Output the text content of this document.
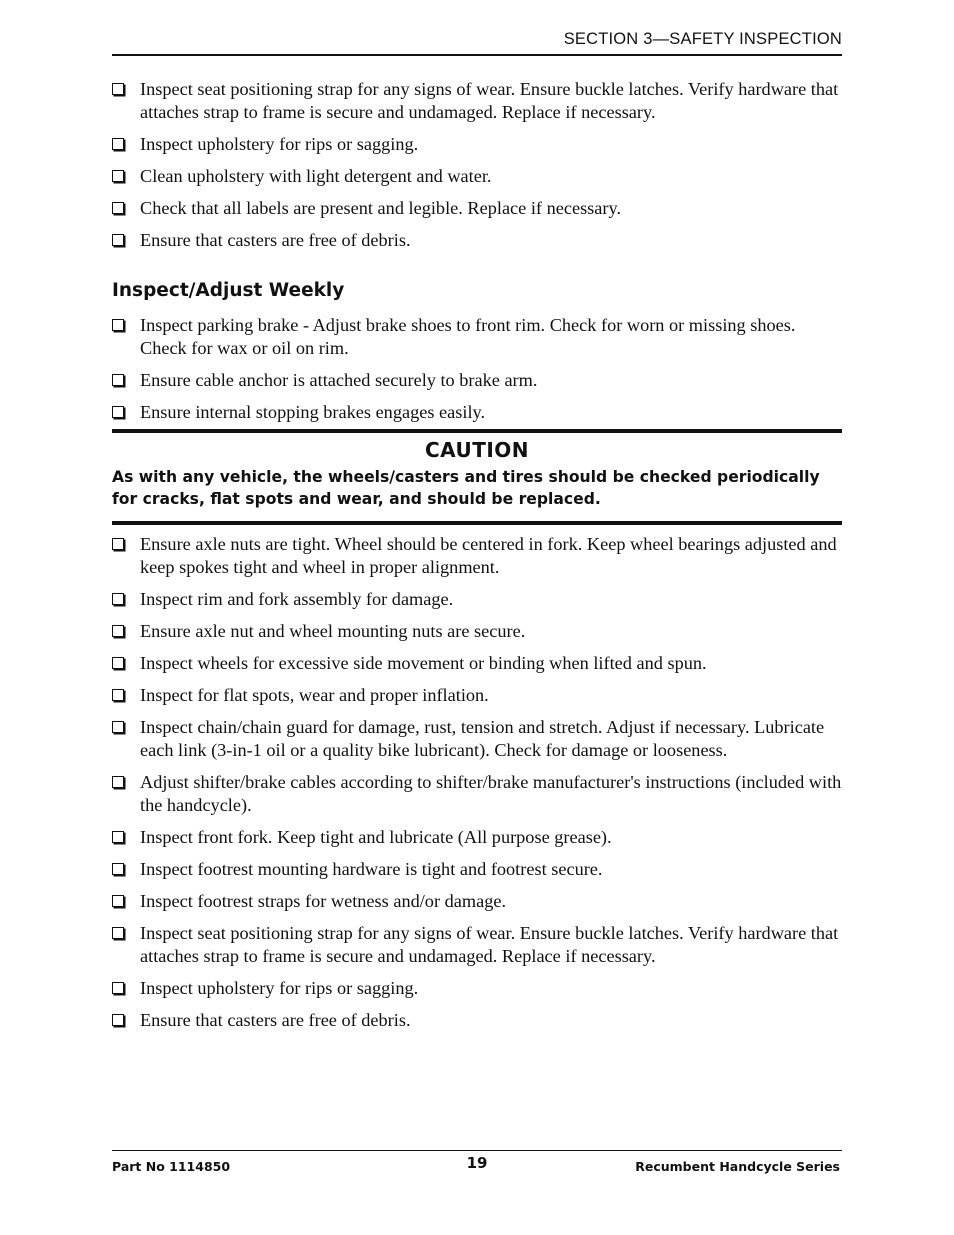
SECTION 3—SAFETY INSPECTION
Inspect seat positioning strap for any signs of wear. Ensure buckle latches. Verify hardware that attaches strap to frame is secure and undamaged. Replace if necessary.
Inspect upholstery for rips or sagging.
Clean upholstery with light detergent and water.
Check that all labels are present and legible. Replace if necessary.
Ensure that casters are free of debris.
Inspect/Adjust Weekly
Inspect parking brake - Adjust brake shoes to front rim. Check for worn or missing shoes. Check for wax or oil on rim.
Ensure cable anchor is attached securely to brake arm.
Ensure internal stopping brakes engages easily.
CAUTION
As with any vehicle, the wheels/casters and tires should be checked periodically for cracks, flat spots and wear, and should be replaced.
Ensure axle nuts are tight. Wheel should be centered in fork. Keep wheel bearings adjusted and keep spokes tight and wheel in proper alignment.
Inspect rim and fork assembly for damage.
Ensure axle nut and wheel mounting nuts are secure.
Inspect wheels for excessive side movement or binding when lifted and spun.
Inspect for flat spots, wear and proper inflation.
Inspect chain/chain guard for damage, rust, tension and stretch. Adjust if necessary. Lubricate each link (3-in-1 oil or a quality bike lubricant). Check for damage or looseness.
Adjust shifter/brake cables according to shifter/brake manufacturer's instructions (included with the handcycle).
Inspect front fork. Keep tight and lubricate (All purpose grease).
Inspect footrest mounting hardware is tight and footrest secure.
Inspect footrest straps for wetness and/or damage.
Inspect seat positioning strap for any signs of wear. Ensure buckle latches. Verify hardware that attaches strap to frame is secure and undamaged. Replace if necessary.
Inspect upholstery for rips or sagging.
Ensure that casters are free of debris.
Part No 1114850	19	Recumbent Handcycle Series
